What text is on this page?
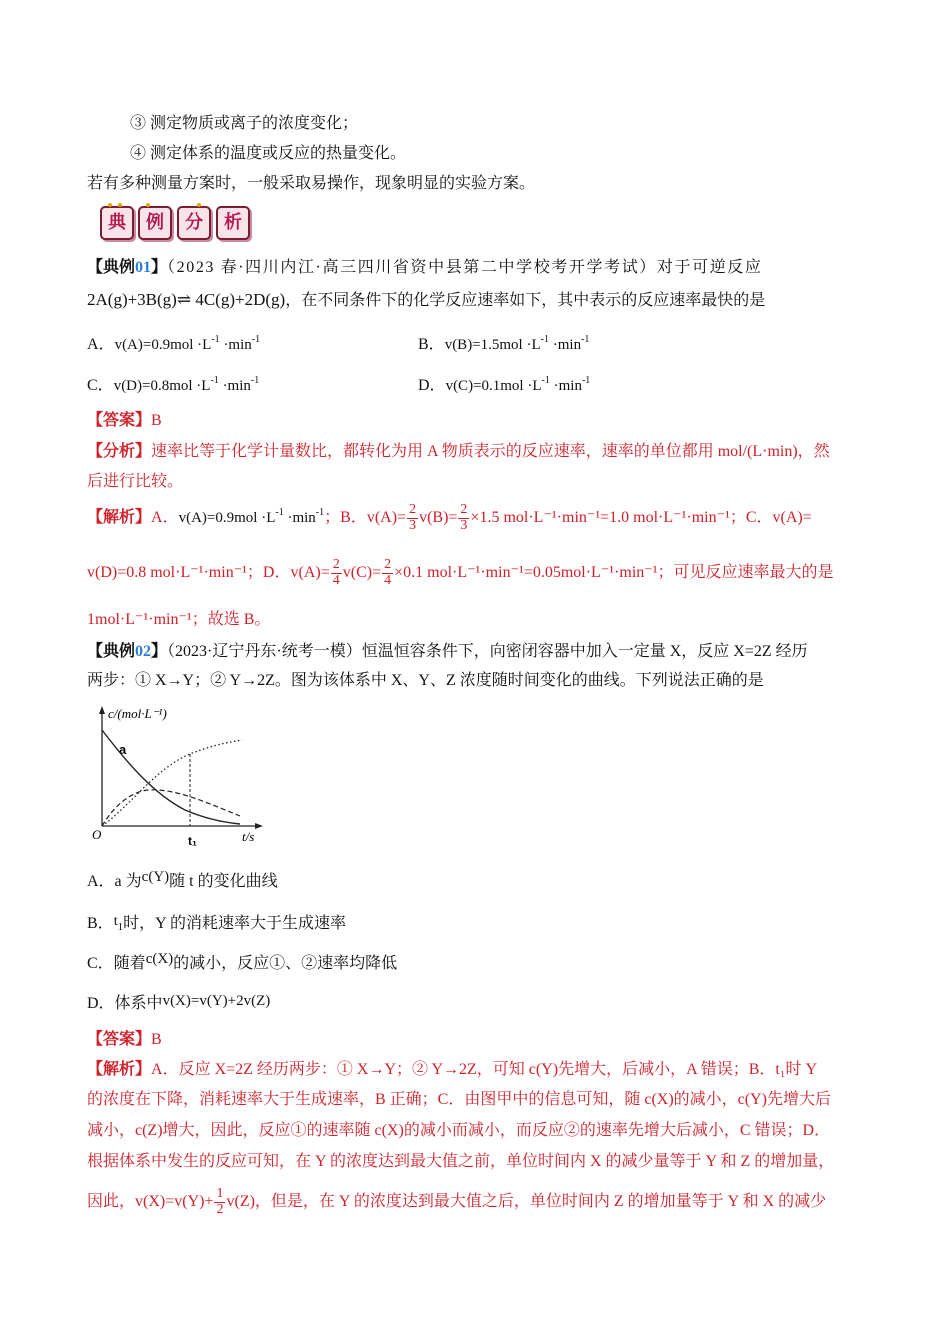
③ 测定物质或离子的浓度变化；
④ 测定体系的温度或反应的热量变化。
若有多种测量方案时，一般采取易操作，现象明显的实验方案。
典	例	分	析
【典例01】（2023 春·四川内江·高三四川省资中县第二中学校考开学考试）对于可逆反应
2A(g)+3B(g)⇌ 4C(g)+2D(g)，在不同条件下的化学反应速率如下，其中表示的反应速率最快的是
A．$v(A)=0.9mol \cdot L^{-1} \cdot\min^{-1}$	B．$v(B)=1.5mol \cdot L^{-1} \cdot\min^{-1}$
C．$v(D)=0.8mol \cdot L^{-1} \cdot\min^{-1}$	D．$v(C)=0.1mol \cdot L^{-1} \cdot\min^{-1}$
【答案】B
【分析】速率比等于化学计量数比，都转化为用 A 物质表示的反应速率，速率的单位都用 mol/(L·min)，然
后进行比较。
【解析】A．$v(A)=0.9mol \cdot L^{-1} \cdot\min^{-1}$；B．$v(A)= \frac{2}{3} v(B)= \frac{2}{3} \times 1.5$ mol·L⁻¹·min⁻¹=1.0 mol·L⁻¹·min⁻¹；C．v(A)=
v(D)=0.8 mol·L⁻¹·min⁻¹；D．$v(A)= \frac{2}{4} v(C)= \frac{2}{4} \times 0.1$ mol·L⁻¹·min⁻¹=0.05mol·L⁻¹·min⁻¹；可见反应速率最大的是
1mol·L⁻¹·min⁻¹；故选 B。
【典例02】（2023·辽宁丹东·统考一模）恒温恒容条件下，向密闭容器中加入一定量 X，反应 X=2Z 经历
两步：① X→Y；② Y→2Z。图为该体系中 X、Y、Z 浓度随时间变化的曲线。下列说法正确的是
c/(mol·L⁻¹)
t/s
O
a
t₁
A．a 为c(Y)随 t 的变化曲线
B．t1时，Y 的消耗速率大于生成速率
C．随着c(X)的减小，反应①、②速率均降低
D．体系中v(X)=v(Y)+2v(Z)
【答案】B
【解析】A．反应 X=2Z 经历两步：① X→Y；② Y→2Z，可知 c(Y)先增大，后减小，A 错误；B．t₁时 Y
的浓度在下降，消耗速率大于生成速率，B 正确；C．由图甲中的信息可知，随 c(X)的减小，c(Y)先增大后
减小，c(Z)增大，因此，反应①的速率随 c(X)的减小而减小，而反应②的速率先增大后减小，C 错误；D．
根据体系中发生的反应可知，在 Y 的浓度达到最大值之前，单位时间内 X 的减少量等于 Y 和 Z 的增加量，
因此，$v(X)=v(Y)+ \frac{1}{2} v(Z)$，但是，在 Y 的浓度达到最大值之后，单位时间内 Z 的增加量等于 Y 和 X 的减少
